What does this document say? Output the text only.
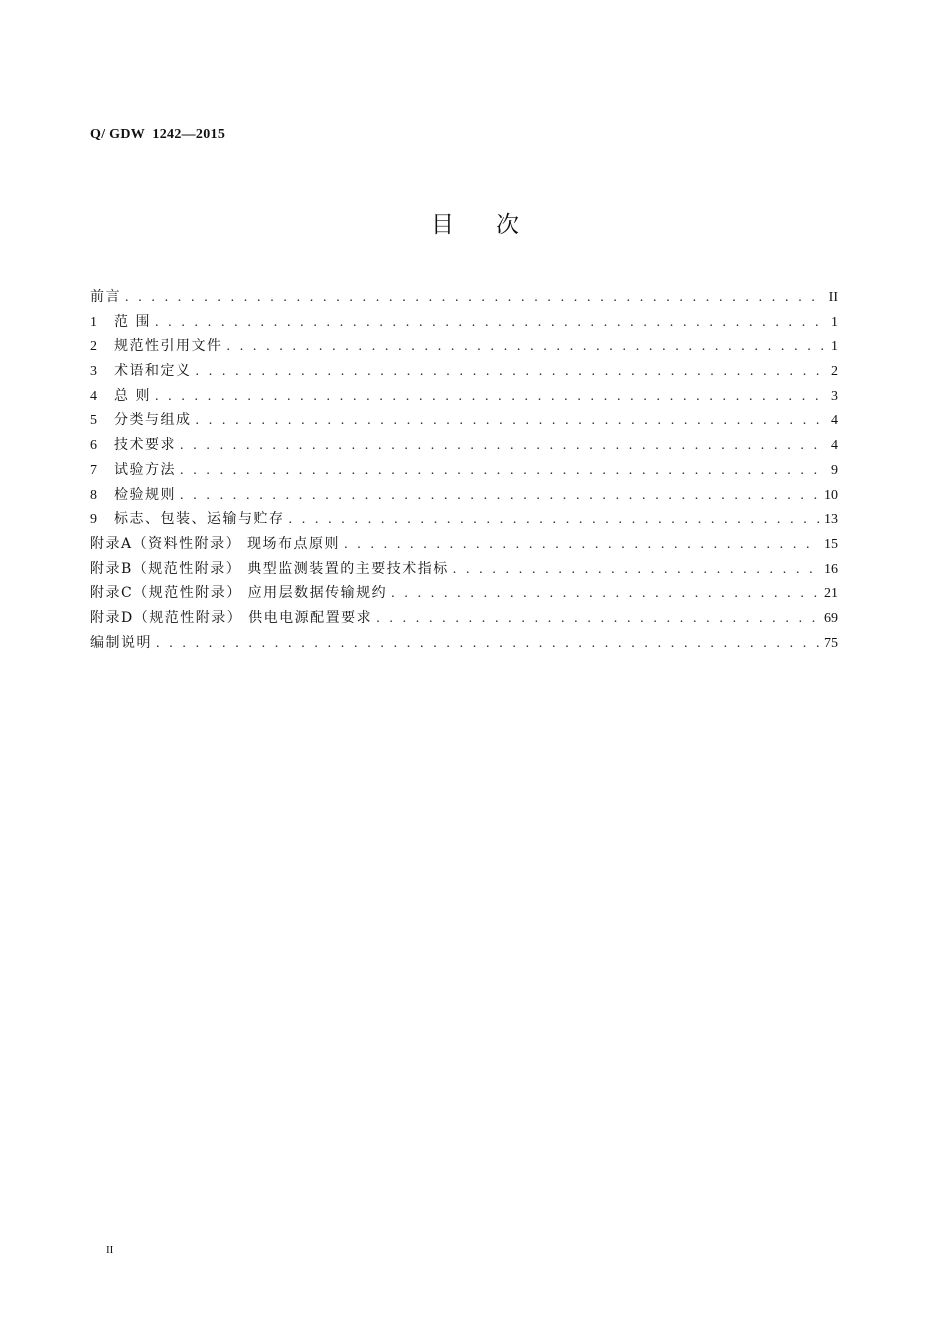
Q/ GDW  1242—2015
目次
前言 . . .	II
1	范 围 . . .	1
2	规范性引用文件 . . .	1
3	术语和定义 . . .	2
4	总 则 . . .	3
5	分类与组成 . . .	4
6	技术要求 . . .	4
7	试验方法 . . .	9
8	检验规则 . . .	10
9	标志、包装、运输与贮存 . . .	13
附录A（资料性附录） 现场布点原则 . . .	15
附录B（规范性附录） 典型监测装置的主要技术指标 . . .	16
附录C（规范性附录） 应用层数据传输规约 . . .	21
附录D（规范性附录） 供电电源配置要求 . . .	69
编制说明 . . .	75
II
